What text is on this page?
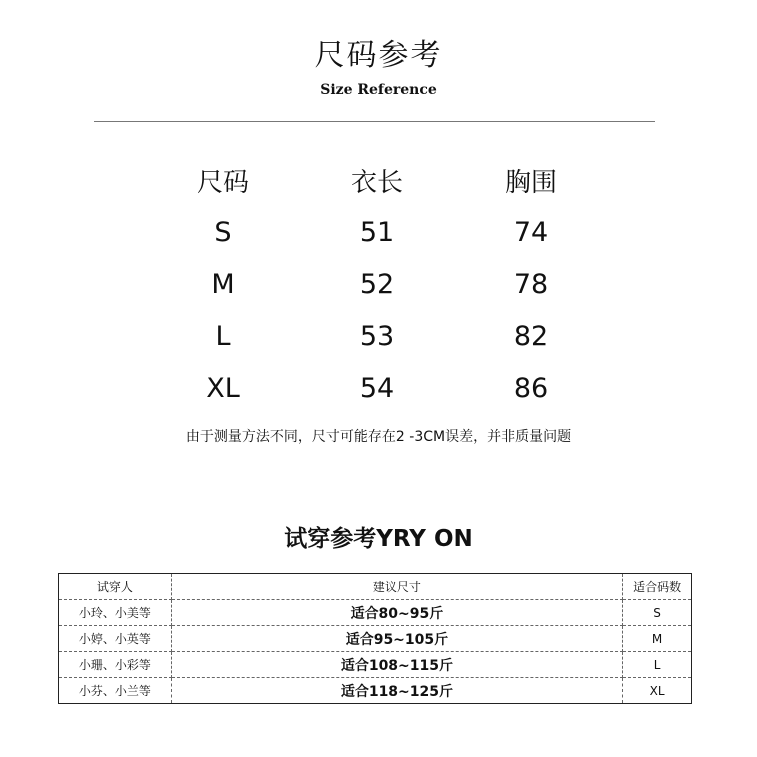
尺码参考
Size Reference
尺码	衣长	胸围
S	51	74
M	52	78
L	53	82
XL	54	86
由于测量方法不同，尺寸可能存在2 -3CM误差，并非质量问题
试穿参考YRY ON
试穿人	建议尺寸	适合码数
小玲、小美等	适合80~95斤	S
小婷、小英等	适合95~105斤	M
小珊、小彩等	适合108~115斤	L
小芬、小兰等	适合118~125斤	XL
